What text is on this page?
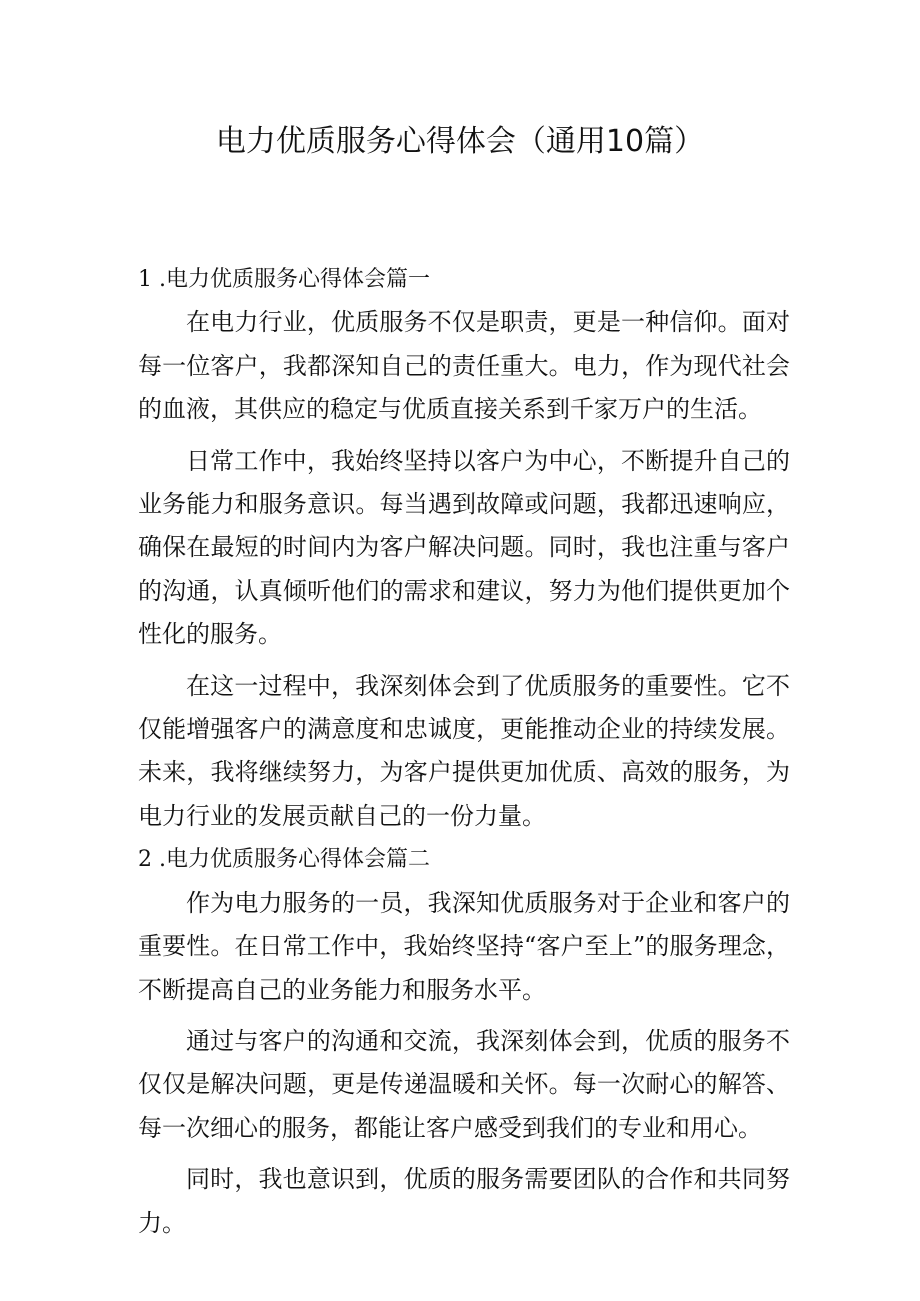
电力优质服务心得体会（通用10篇）
1 .电力优质服务心得体会篇一

在电力行业，优质服务不仅是职责，更是一种信仰。面对每一位客户，我都深知自己的责任重大。电力，作为现代社会的血液，其供应的稳定与优质直接关系到千家万户的生活。

日常工作中，我始终坚持以客户为中心，不断提升自己的业务能力和服务意识。每当遇到故障或问题，我都迅速响应，确保在最短的时间内为客户解决问题。同时，我也注重与客户的沟通，认真倾听他们的需求和建议，努力为他们提供更加个性化的服务。

在这一过程中，我深刻体会到了优质服务的重要性。它不仅能增强客户的满意度和忠诚度，更能推动企业的持续发展。未来，我将继续努力，为客户提供更加优质、高效的服务，为电力行业的发展贡献自己的一份力量。

2 .电力优质服务心得体会篇二

作为电力服务的一员，我深知优质服务对于企业和客户的重要性。在日常工作中，我始终坚持“客户至上”的服务理念，不断提高自己的业务能力和服务水平。

通过与客户的沟通和交流，我深刻体会到，优质的服务不仅仅是解决问题，更是传递温暖和关怀。每一次耐心的解答、每一次细心的服务，都能让客户感受到我们的专业和用心。

同时，我也意识到，优质的服务需要团队的合作和共同努力。
